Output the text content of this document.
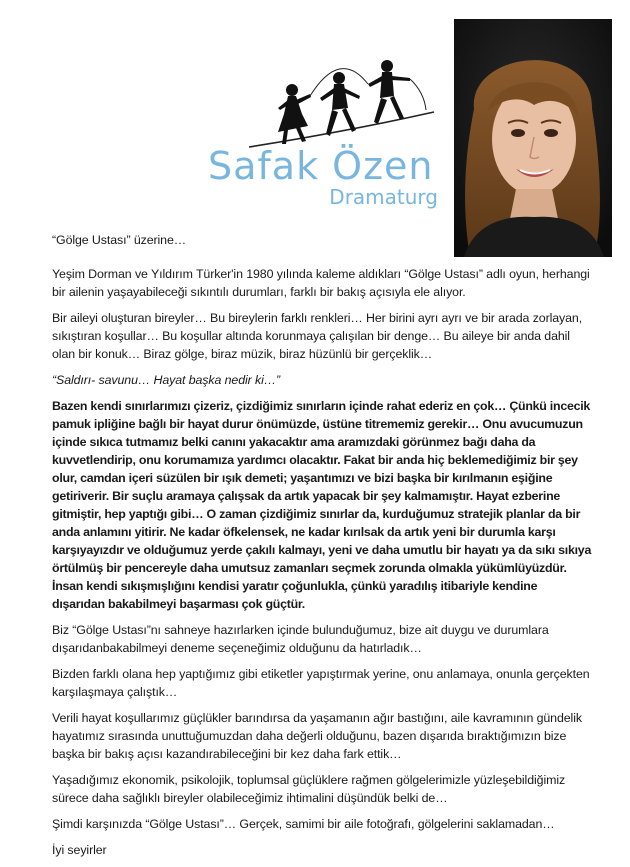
Safak Özen
Dramaturg

“Gölge Ustası” üzerine…

Yeşim Dorman ve Yıldırım Türker'in 1980 yılında kaleme aldıkları “Gölge Ustası” adlı oyun, herhangi bir ailenin yaşayabileceği sıkıntılı durumları, farklı bir bakış açısıyla ele alıyor.

Bir aileyi oluşturan bireyler… Bu bireylerin farklı renkleri… Her birini ayrı ayrı ve bir arada zorlayan, sıkıştıran koşullar… Bu koşullar altında korunmaya çalışılan bir denge… Bu aileye bir anda dahil olan bir konuk… Biraz gölge, biraz müzik, biraz hüzünlü bir gerçeklik…

“Saldırı- savunu… Hayat başka nedir ki…”

Bazen kendi sınırlarımızı çizeriz, çizdiğimiz sınırların içinde rahat ederiz en çok… Çünkü incecik pamuk ipliğine bağlı bir hayat durur önümüzde, üstüne titrememiz gerekir… Onu avucumuzun içinde sıkıca tutmamız belki canını yakacaktır ama aramızdaki görünmez bağı daha da kuvvetlendirip, onu korumamıza yardımcı olacaktır. Fakat bir anda hiç beklemediğimiz bir şey olur, camdan içeri süzülen bir ışık demeti; yaşantımızı ve bizi başka bir kırılmanın eşiğine getiriverir. Bir suçlu aramaya çalışsak da artık yapacak bir şey kalmamıştır. Hayat ezberine gitmiştir, hep yaptığı gibi… O zaman çizdiğimiz sınırlar da, kurduğumuz stratejik planlar da bir anda anlamını yitirir. Ne kadar öfkelensek, ne kadar kırılsak da artık yeni bir durumla karşı karşıyayızdır ve olduğumuz yerde çakılı kalmayı, yeni ve daha umutlu bir hayatı ya da sıkı sıkıya örtülmüş bir pencereyle daha umutsuz zamanları seçmek zorunda olmakla yükümlüyüzdür. İnsan kendi sıkışmışlığını kendisi yaratır çoğunlukla, çünkü yaradılış itibariyle kendine dışarıdan bakabilmeyi başarması çok güçtür.

Biz “Gölge Ustası”nı sahneye hazırlarken içinde bulunduğumuz, bize ait duygu ve durumlara dışarıdanbakabilmeyi deneme seçeneğimiz olduğunu da hatırladık…

Bizden farklı olana hep yaptığımız gibi etiketler yapıştırmak yerine, onu anlamaya, onunla gerçekten karşılaşmaya çalıştık…

Verili hayat koşullarımız güçlükler barındırsa da yaşamanın ağır bastığını, aile kavramının gündelik hayatımız sırasında unuttuğumuzdan daha değerli olduğunu, bazen dışarıda bıraktığımızın bize başka bir bakış açısı kazandırabileceğini bir kez daha fark ettik…

Yaşadığımız ekonomik, psikolojik, toplumsal güçlüklere rağmen gölgelerimizle yüzleşebildiğimiz sürece daha sağlıklı bireyler olabileceğimiz ihtimalini düşündük belki de…

Şimdi karşınızda “Gölge Ustası”… Gerçek, samimi bir aile fotoğrafı, gölgelerini saklamadan…

İyi seyirler
